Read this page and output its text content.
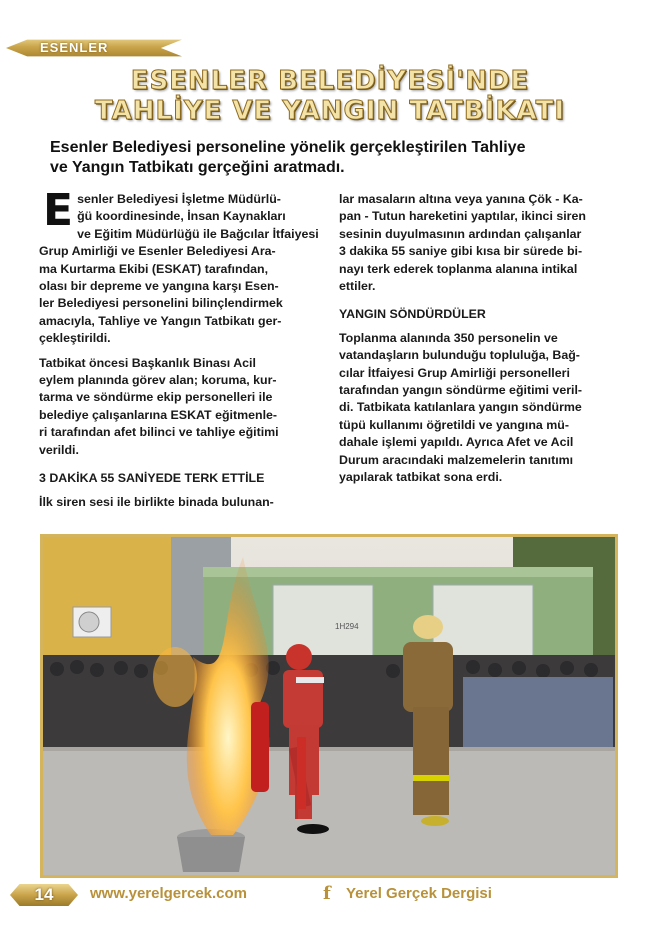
ESENLER
ESENLER BELEDİYESİ'NDE
TAHLİYE VE YANGIN TATBİKATI
Esenler Belediyesi personeline yönelik gerçekleştirilen Tahliye
ve Yangın Tatbikatı gerçeğini aratmadı.
E senler Belediyesi İşletme Müdürlü-
ğü koordinesinde, İnsan Kaynakları
ve Eğitim Müdürlüğü ile Bağcılar İtfaiyesi
Grup Amirliği ve Esenler Belediyesi Ara-
ma Kurtarma Ekibi (ESKAT) tarafından,
olası bir depreme ve yangına karşı Esen-
ler Belediyesi personelini bilinçlendirmek
amacıyla, Tahliye ve Yangın Tatbikatı ger-
çekleştirildi.
Tatbikat öncesi Başkanlık Binası Acil
eylem planında görev alan; koruma, kur-
tarma ve söndürme ekip personelleri ile
belediye çalışanlarına ESKAT eğitmenle-
ri tarafından afet bilinci ve tahliye eğitimi
verildi.
3 DAKİKA 55 SANİYEDE TERK ETTİLE
İlk siren sesi ile birlikte binada bulunan-
lar masaların altına veya yanına Çök - Ka-
pan - Tutun hareketini yaptılar, ikinci siren
sesinin duyulmasının ardından çalışanlar
3 dakika 55 saniye gibi kısa bir sürede bi-
nayı terk ederek toplanma alanına intikal
ettiler.
YANGIN SÖNDÜRDÜLER
Toplanma alanında 350 personelin ve
vatandaşların bulunduğu topluluğa, Bağ-
cılar İtfaiyesi Grup Amirliği personelleri
tarafından yangın söndürme eğitimi veril-
di. Tatbikata katılanlara yangın söndürme
tüpü kullanımı öğretildi ve yangına mü-
dahale işlemi yapıldı. Ayrıca Afet ve Acil
Durum aracındaki malzemelerin tanıtımı
yapılarak tatbikat sona erdi.
1H294
14	www.yerelgercek.com	f Yerel Gerçek Dergisi
